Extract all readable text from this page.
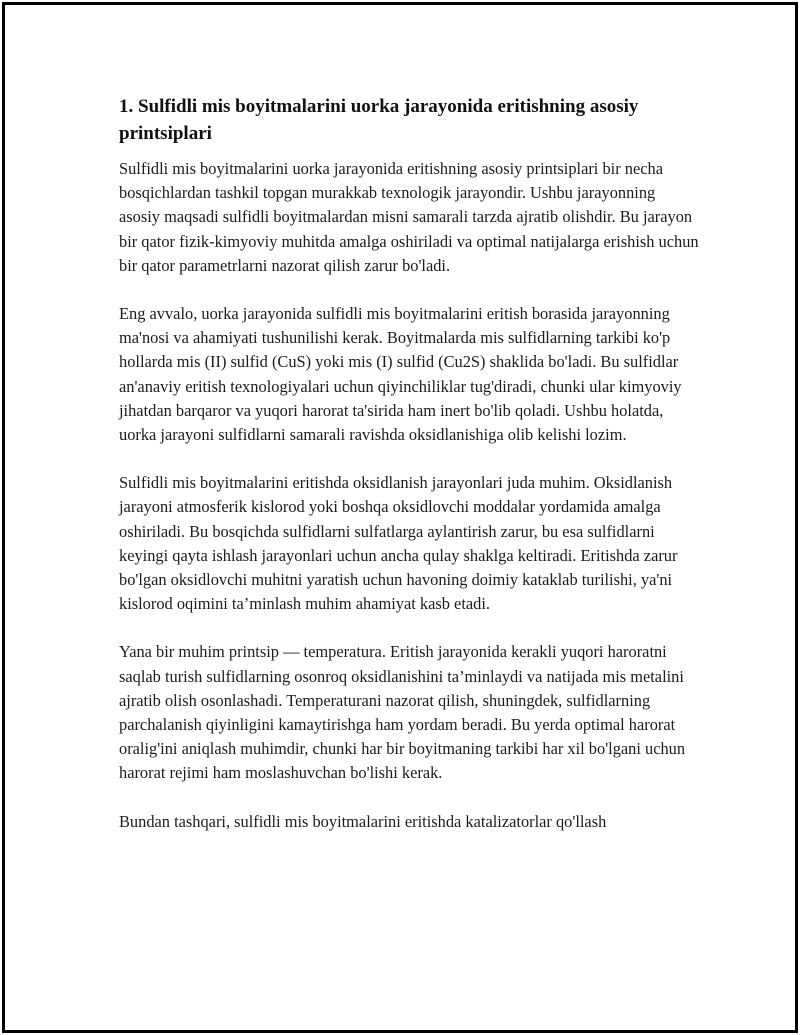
1. Sulfidli mis boyitmalarini uorka jarayonida eritishning asosiy printsiplari

Sulfidli mis boyitmalarini uorka jarayonida eritishning asosiy printsiplari bir necha bosqichlardan tashkil topgan murakkab texnologik jarayondir. Ushbu jarayonning asosiy maqsadi sulfidli boyitmalardan misni samarali tarzda ajratib olishdir. Bu jarayon bir qator fizik-kimyoviy muhitda amalga oshiriladi va optimal natijalarga erishish uchun bir qator parametrlarni nazorat qilish zarur bo'ladi.

Eng avvalo, uorka jarayonida sulfidli mis boyitmalarini eritish borasida jarayonning ma'nosi va ahamiyati tushunilishi kerak. Boyitmalarda mis sulfidlarning tarkibi ko'p hollarda mis (II) sulfid (CuS) yoki mis (I) sulfid (Cu2S) shaklida bo'ladi. Bu sulfidlar an'anaviy eritish texnologiyalari uchun qiyinchiliklar tug'diradi, chunki ular kimyoviy jihatdan barqaror va yuqori harorat ta'sirida ham inert bo'lib qoladi. Ushbu holatda, uorka jarayoni sulfidlarni samarali ravishda oksidlanishiga olib kelishi lozim.

Sulfidli mis boyitmalarini eritishda oksidlanish jarayonlari juda muhim. Oksidlanish jarayoni atmosferik kislorod yoki boshqa oksidlovchi moddalar yordamida amalga oshiriladi. Bu bosqichda sulfidlarni sulfatlarga aylantirish zarur, bu esa sulfidlarni keyingi qayta ishlash jarayonlari uchun ancha qulay shaklga keltiradi. Eritishda zarur bo'lgan oksidlovchi muhitni yaratish uchun havoning doimiy kataklab turilishi, ya'ni kislorod oqimini ta’minlash muhim ahamiyat kasb etadi.

Yana bir muhim printsip — temperatura. Eritish jarayonida kerakli yuqori haroratni saqlab turish sulfidlarning osonroq oksidlanishini ta’minlaydi va natijada mis metalini ajratib olish osonlashadi. Temperaturani nazorat qilish, shuningdek, sulfidlarning parchalanish qiyinligini kamaytirishga ham yordam beradi. Bu yerda optimal harorat oralig'ini aniqlash muhimdir, chunki har bir boyitmaning tarkibi har xil bo'lgani uchun harorat rejimi ham moslashuvchan bo'lishi kerak.

Bundan tashqari, sulfidli mis boyitmalarini eritishda katalizatorlar qo'llash
